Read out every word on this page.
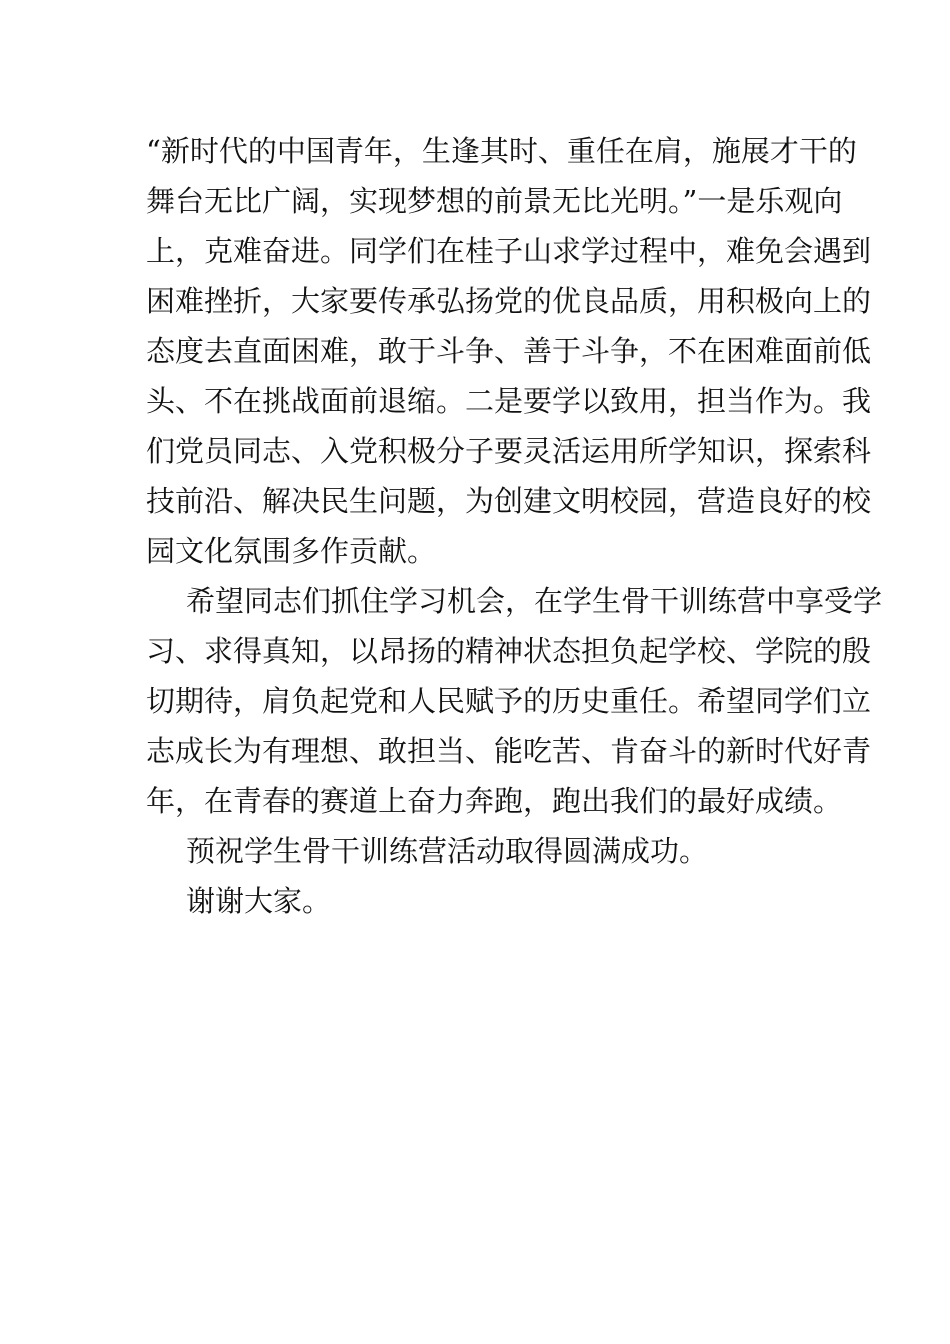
“新时代的中国青年，生逢其时、重任在肩，施展才干的
舞台无比广阔，实现梦想的前景无比光明。”一是乐观向
上，克难奋进。同学们在桂子山求学过程中，难免会遇到
困难挫折，大家要传承弘扬党的优良品质，用积极向上的
态度去直面困难，敢于斗争、善于斗争，不在困难面前低
头、不在挑战面前退缩。二是要学以致用，担当作为。我
们党员同志、入党积极分子要灵活运用所学知识，探索科
技前沿、解决民生问题，为创建文明校园，营造良好的校
园文化氛围多作贡献。
希望同志们抓住学习机会，在学生骨干训练营中享受学
习、求得真知，以昂扬的精神状态担负起学校、学院的殷
切期待，肩负起党和人民赋予的历史重任。希望同学们立
志成长为有理想、敢担当、能吃苦、肯奋斗的新时代好青
年，在青春的赛道上奋力奔跑，跑出我们的最好成绩。
预祝学生骨干训练营活动取得圆满成功。
谢谢大家。
